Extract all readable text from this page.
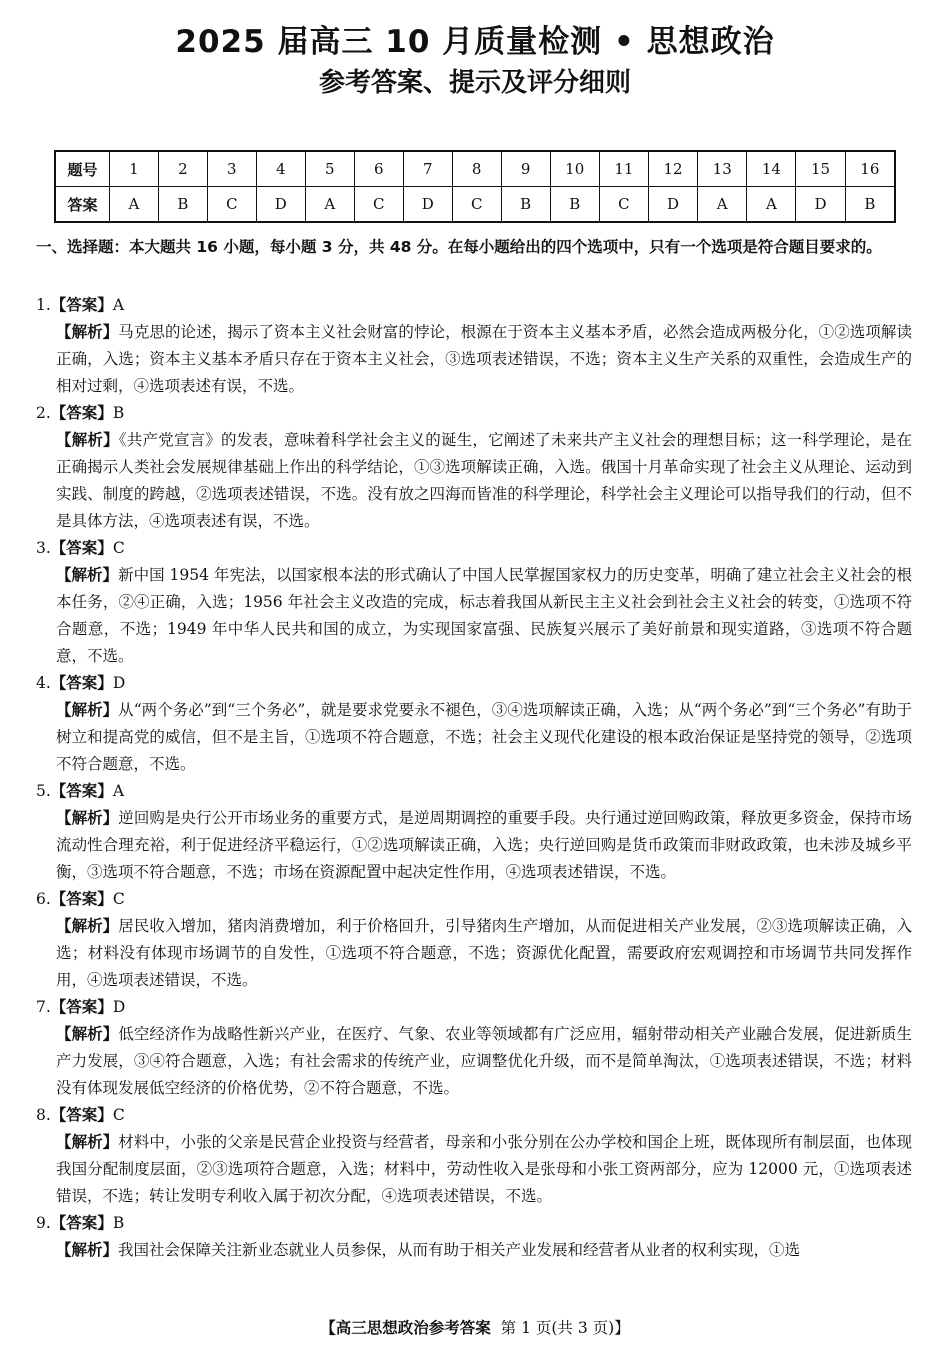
2025 届高三 10 月质量检测 • 思想政治
参考答案、提示及评分细则
题号	1	2	3	4	5	6	7	8	9	10	11	12	13	14	15	16
答案	A	B	C	D	A	C	D	C	B	B	C	D	A	A	D	B

一、选择题：本大题共 16 小题，每小题 3 分，共 48 分。在每小题给出的四个选项中，只有一个选项是符合题目要求的。

1.【答案】A

【解析】马克思的论述，揭示了资本主义社会财富的悖论，根源在于资本主义基本矛盾，必然会造成两极分化，①②选项解读正确，入选；资本主义基本矛盾只存在于资本主义社会，③选项表述错误，不选；资本主义生产关系的双重性，会造成生产的相对过剩，④选项表述有误，不选。

2.【答案】B

【解析】《共产党宣言》的发表，意味着科学社会主义的诞生，它阐述了未来共产主义社会的理想目标；这一科学理论，是在正确揭示人类社会发展规律基础上作出的科学结论，①③选项解读正确，入选。俄国十月革命实现了社会主义从理论、运动到实践、制度的跨越，②选项表述错误，不选。没有放之四海而皆准的科学理论，科学社会主义理论可以指导我们的行动，但不是具体方法，④选项表述有误，不选。

3.【答案】C

【解析】新中国 1954 年宪法，以国家根本法的形式确认了中国人民掌握国家权力的历史变革，明确了建立社会主义社会的根本任务，②④正确，入选；1956 年社会主义改造的完成，标志着我国从新民主主义社会到社会主义社会的转变，①选项不符合题意，不选；1949 年中华人民共和国的成立，为实现国家富强、民族复兴展示了美好前景和现实道路，③选项不符合题意，不选。

4.【答案】D

【解析】从“两个务必”到“三个务必”，就是要求党要永不褪色，③④选项解读正确，入选；从“两个务必”到“三个务必”有助于树立和提高党的威信，但不是主旨，①选项不符合题意，不选；社会主义现代化建设的根本政治保证是坚持党的领导，②选项不符合题意，不选。

5.【答案】A

【解析】逆回购是央行公开市场业务的重要方式，是逆周期调控的重要手段。央行通过逆回购政策，释放更多资金，保持市场流动性合理充裕，利于促进经济平稳运行，①②选项解读正确，入选；央行逆回购是货币政策而非财政政策，也未涉及城乡平衡，③选项不符合题意，不选；市场在资源配置中起决定性作用，④选项表述错误，不选。

6.【答案】C

【解析】居民收入增加，猪肉消费增加，利于价格回升，引导猪肉生产增加，从而促进相关产业发展，②③选项解读正确，入选；材料没有体现市场调节的自发性，①选项不符合题意，不选；资源优化配置，需要政府宏观调控和市场调节共同发挥作用，④选项表述错误，不选。

7.【答案】D

【解析】低空经济作为战略性新兴产业，在医疗、气象、农业等领域都有广泛应用，辐射带动相关产业融合发展，促进新质生产力发展，③④符合题意，入选；有社会需求的传统产业，应调整优化升级，而不是简单淘汰，①选项表述错误，不选；材料没有体现发展低空经济的价格优势，②不符合题意，不选。

8.【答案】C

【解析】材料中，小张的父亲是民营企业投资与经营者，母亲和小张分别在公办学校和国企上班，既体现所有制层面，也体现我国分配制度层面，②③选项符合题意，入选；材料中，劳动性收入是张母和小张工资两部分，应为 12000 元，①选项表述错误，不选；转让发明专利收入属于初次分配，④选项表述错误，不选。

9.【答案】B

【解析】我国社会保障关注新业态就业人员参保，从而有助于相关产业发展和经营者从业者的权利实现，①选

【高三思想政治参考答案 第 1 页(共 3 页)】
